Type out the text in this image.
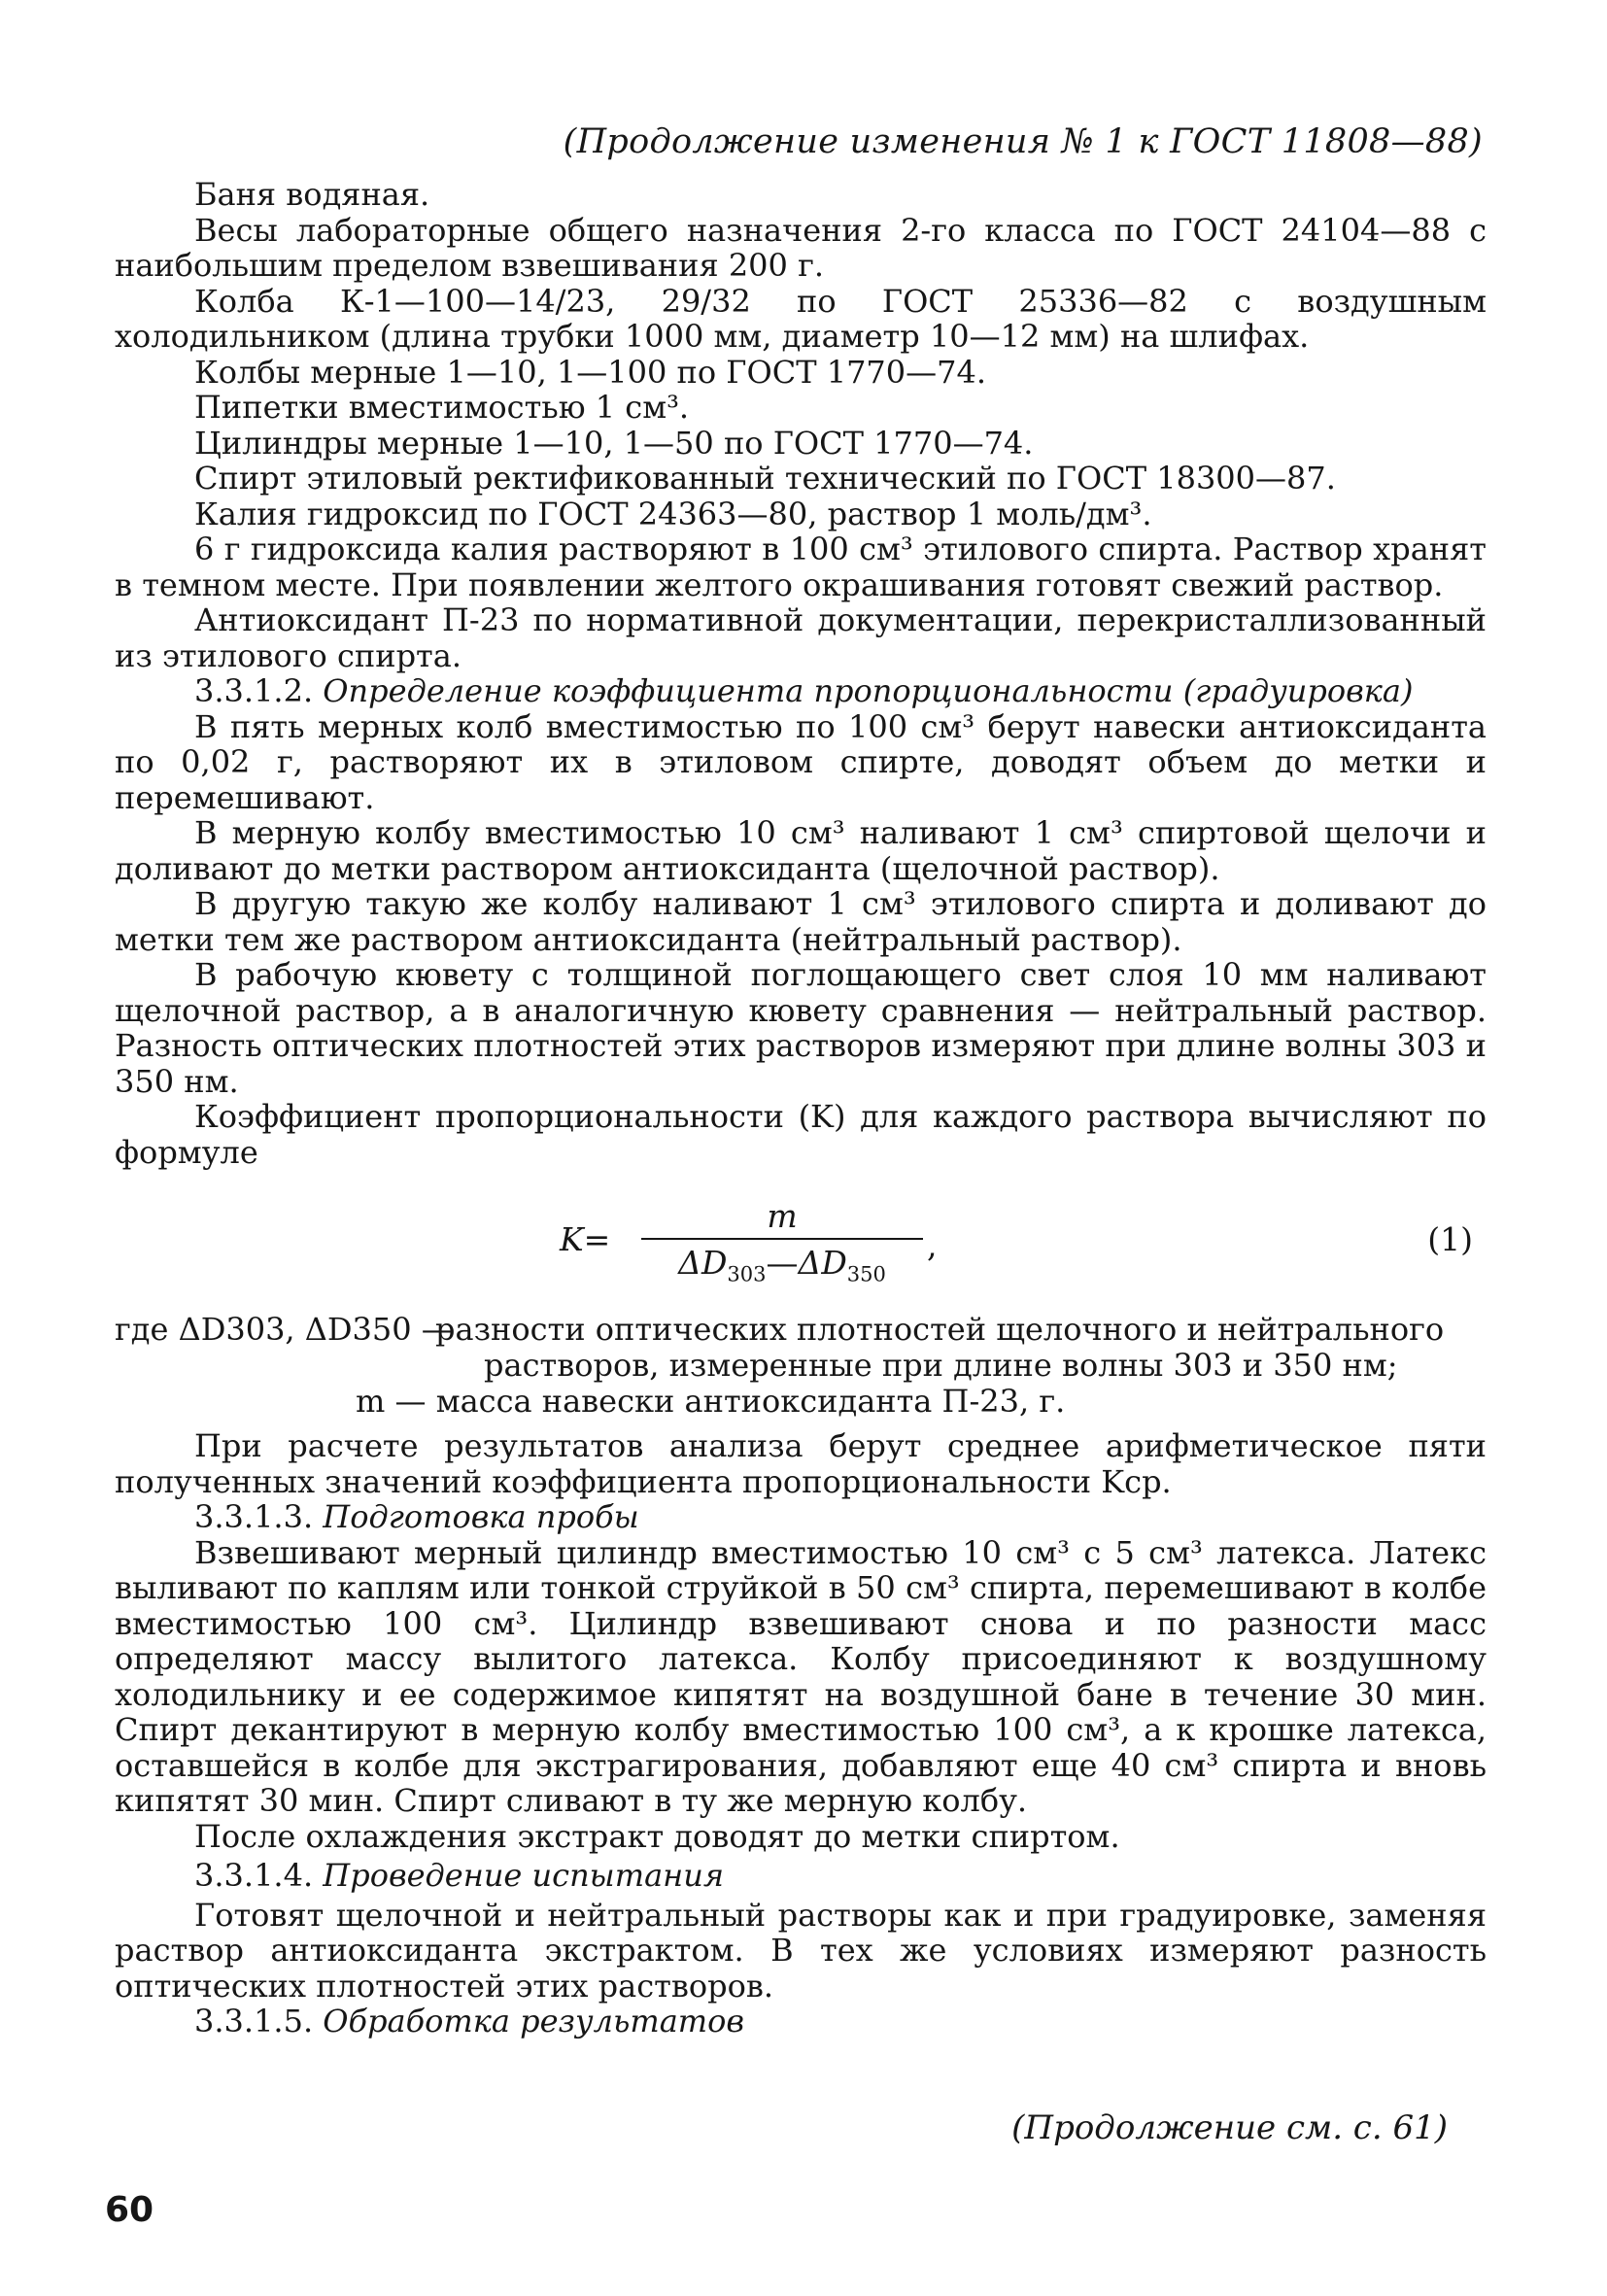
(Продолжение изменения № 1 к ГОСТ 11808—88)

Баня водяная.

Весы лабораторные общего назначения 2-го класса по ГОСТ 24104—88 с наибольшим пределом взвешивания 200 г.

Колба К-1—100—14/23, 29/32 по ГОСТ 25336—82 с воздушным холодильником (длина трубки 1000 мм, диаметр 10—12 мм) на шлифах.

Колбы мерные 1—10, 1—100 по ГОСТ 1770—74.

Пипетки вместимостью 1 см³.

Цилиндры мерные 1—10, 1—50 по ГОСТ 1770—74.

Спирт этиловый ректификованный технический по ГОСТ 18300—87.

Калия гидроксид по ГОСТ 24363—80, раствор 1 моль/дм³.

6 г гидроксида калия растворяют в 100 см³ этилового спирта. Раствор хранят в темном месте. При появлении желтого окрашивания готовят свежий раствор.

Антиоксидант П-23 по нормативной документации, перекристаллизованный из этилового спирта.

3.3.1.2. Определение коэффициента пропорциональности (градуировка)

В пять мерных колб вместимостью по 100 см³ берут навески антиоксиданта по 0,02 г, растворяют их в этиловом спирте, доводят объем до метки и перемешивают.

В мерную колбу вместимостью 10 см³ наливают 1 см³ спиртовой щелочи и доливают до метки раствором антиоксиданта (щелочной раствор).

В другую такую же колбу наливают 1 см³ этилового спирта и доливают до метки тем же раствором антиоксиданта (нейтральный раствор).

В рабочую кювету с толщиной поглощающего свет слоя 10 мм наливают щелочной раствор, а в аналогичную кювету сравнения — нейтральный раствор. Разность оптических плотностей этих растворов измеряют при длине волны 303 и 350 нм.

Коэффициент пропорциональности (K) для каждого раствора вычисляют по формуле

K=
m
$\Delta D_{303}—\Delta D_{350}$
,	(1)
где ΔD303, ΔD350 —
разности оптических плотностей щелочного и нейтрального
растворов, измеренные при длине волны 303 и 350 нм;
m — масса навески антиоксиданта П-23, г.

При расчете результатов анализа берут среднее арифметическое пяти полученных значений коэффициента пропорциональности Kср.

3.3.1.3. Подготовка пробы

Взвешивают мерный цилиндр вместимостью 10 см³ с 5 см³ латекса. Латекс выливают по каплям или тонкой струйкой в 50 см³ спирта, перемешивают в колбе вместимостью 100 см³. Цилиндр взвешивают снова и по разности масс определяют массу вылитого латекса. Колбу присоединяют к воздушному холодильнику и ее содержимое кипятят на воздушной бане в течение 30 мин. Спирт декантируют в мерную колбу вместимостью 100 см³, а к крошке латекса, оставшейся в колбе для экстрагирования, добавляют еще 40 см³ спирта и вновь кипятят 30 мин. Спирт сливают в ту же мерную колбу.

После охлаждения экстракт доводят до метки спиртом.

3.3.1.4. Проведение испытания

Готовят щелочной и нейтральный растворы как и при градуировке, заменяя раствор антиоксиданта экстрактом. В тех же условиях измеряют разность оптических плотностей этих растворов.

3.3.1.5. Обработка результатов

(Продолжение см. с. 61)
60
